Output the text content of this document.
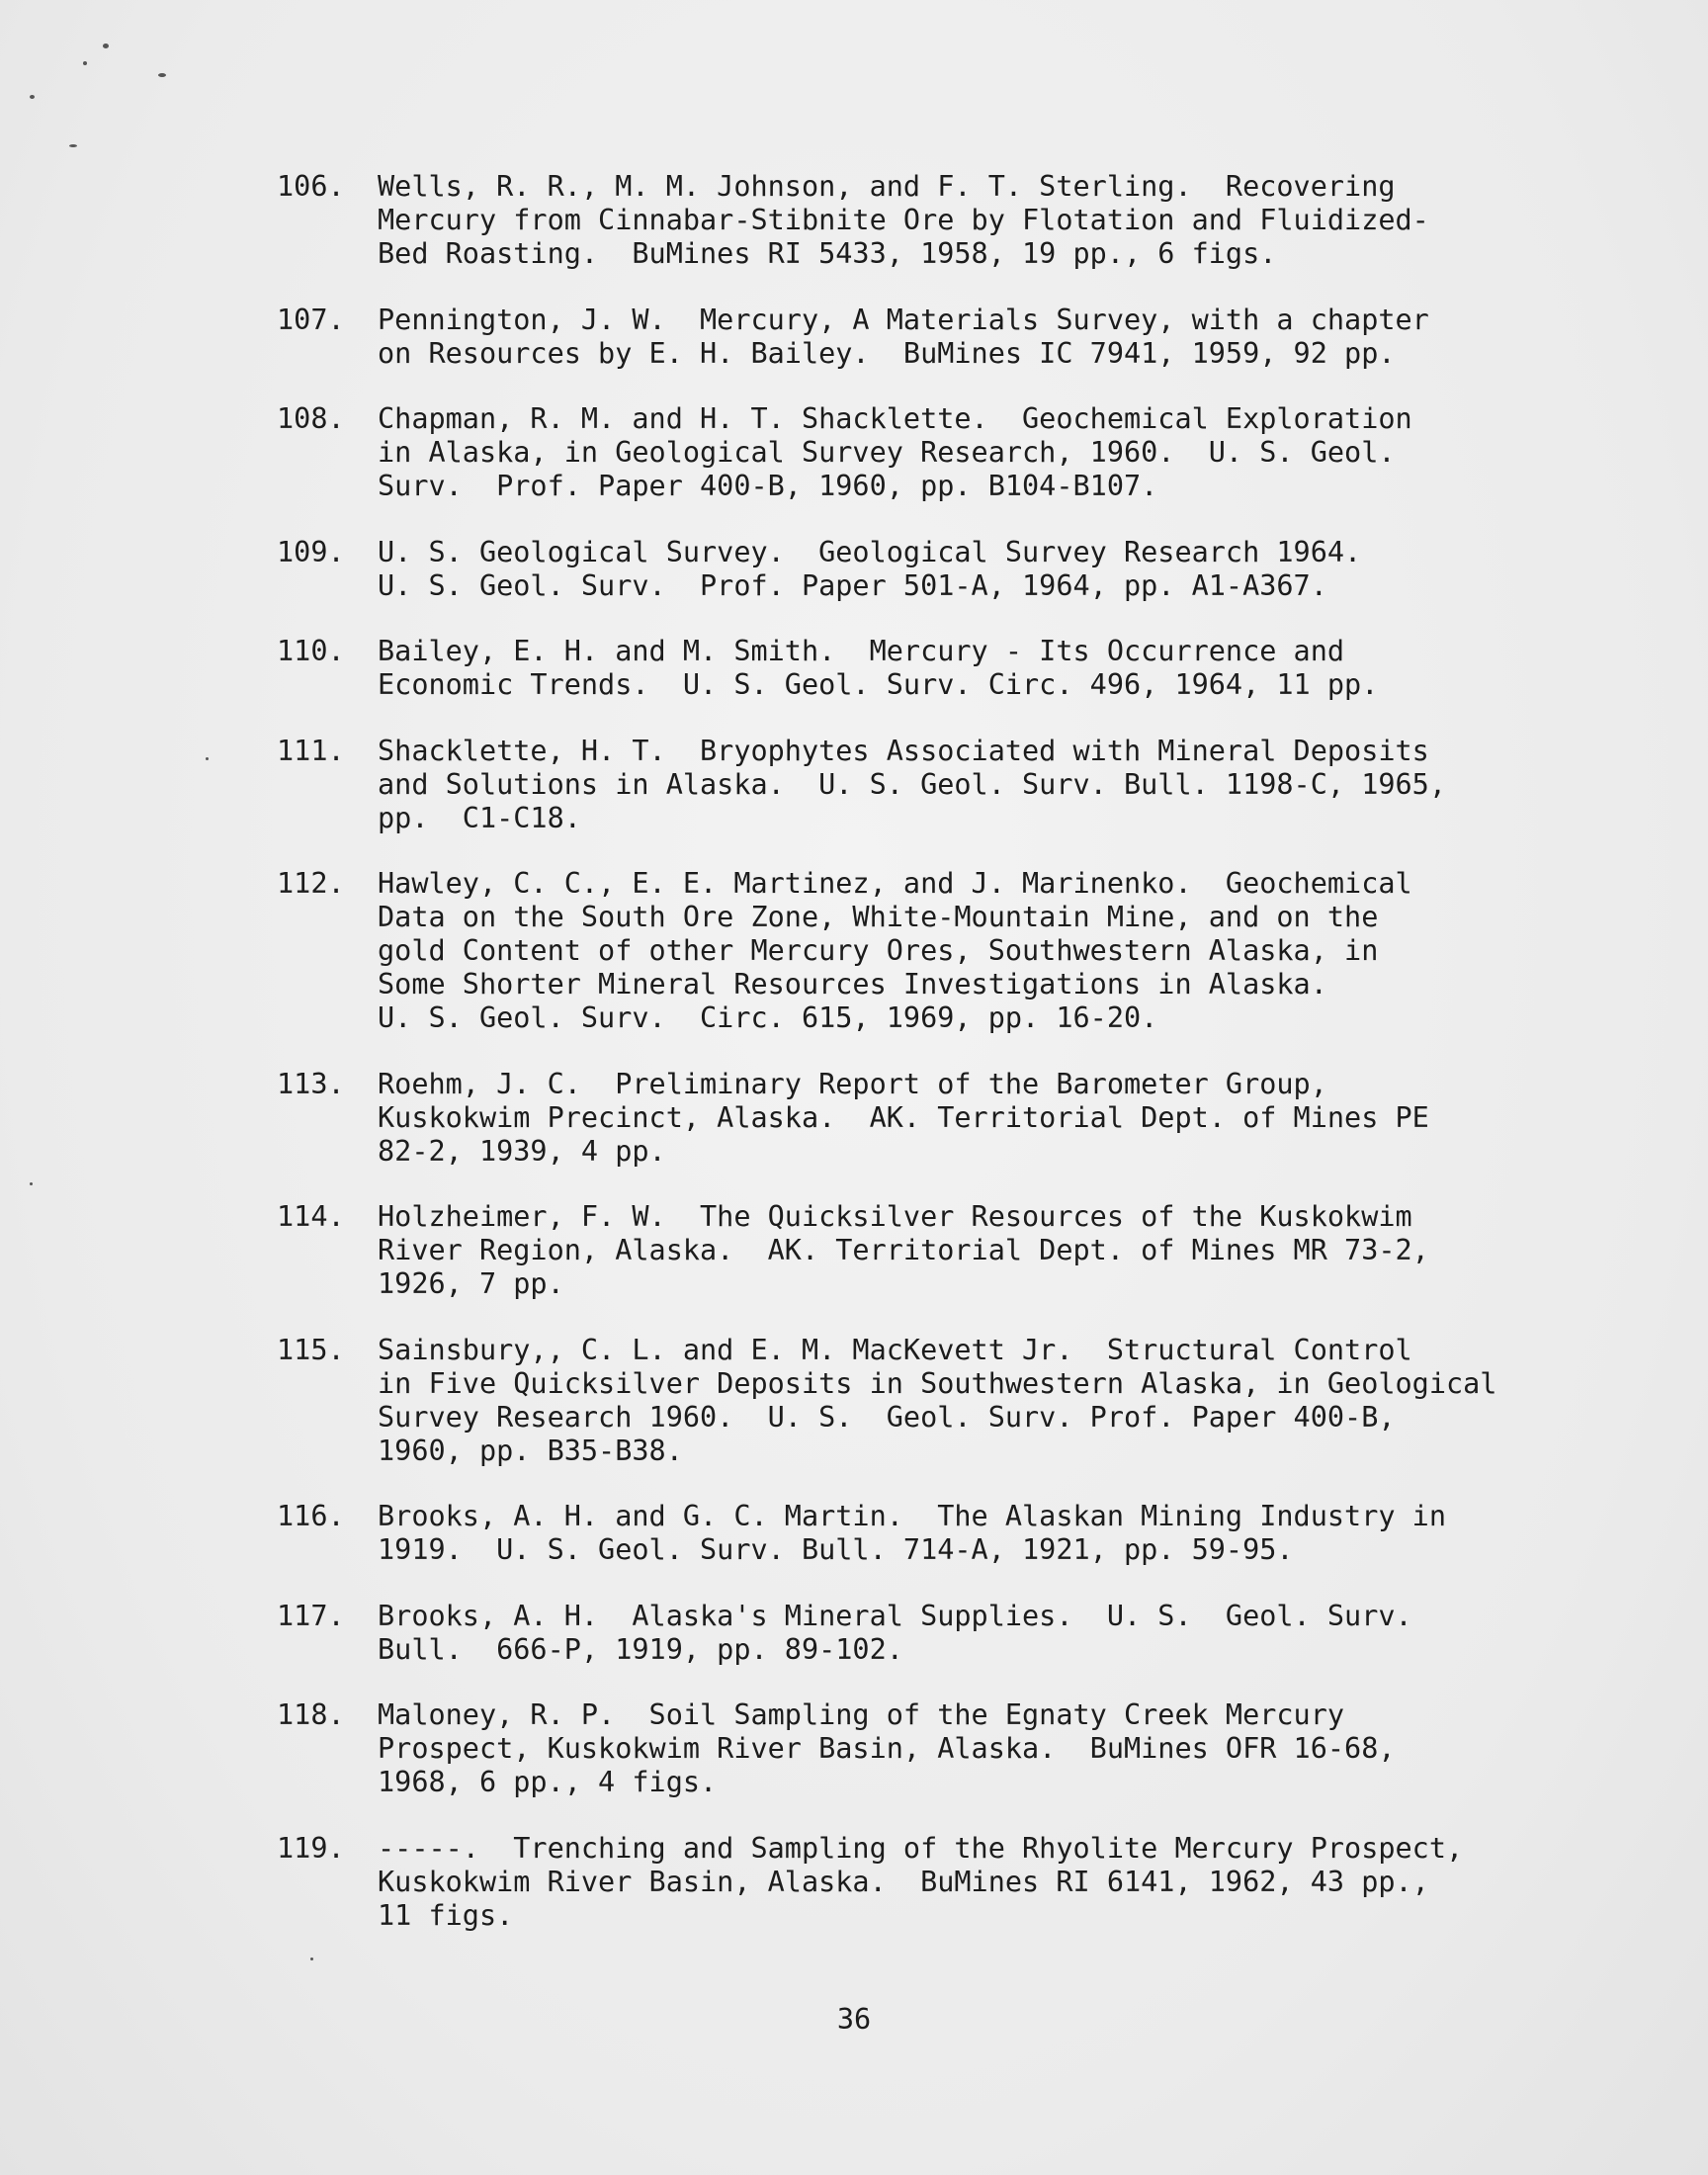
106. Wells, R. R., M. M. Johnson, and F. T. Sterling.  Recovering
Mercury from Cinnabar-Stibnite Ore by Flotation and Fluidized-
Bed Roasting.  BuMines RI 5433, 1958, 19 pp., 6 figs.
107. Pennington, J. W.  Mercury, A Materials Survey, with a chapter
on Resources by E. H. Bailey.  BuMines IC 7941, 1959, 92 pp.
108. Chapman, R. M. and H. T. Shacklette.  Geochemical Exploration
in Alaska, in Geological Survey Research, 1960.  U. S. Geol.
Surv.  Prof. Paper 400-B, 1960, pp. B104-B107.
109. U. S. Geological Survey.  Geological Survey Research 1964.
U. S. Geol. Surv.  Prof. Paper 501-A, 1964, pp. A1-A367.
110. Bailey, E. H. and M. Smith.  Mercury - Its Occurrence and
Economic Trends.  U. S. Geol. Surv. Circ. 496, 1964, 11 pp.
111. Shacklette, H. T.  Bryophytes Associated with Mineral Deposits
and Solutions in Alaska.  U. S. Geol. Surv. Bull. 1198-C, 1965,
pp.  C1-C18.
112. Hawley, C. C., E. E. Martinez, and J. Marinenko.  Geochemical
Data on the South Ore Zone, White-Mountain Mine, and on the
gold Content of other Mercury Ores, Southwestern Alaska, in
Some Shorter Mineral Resources Investigations in Alaska.
U. S. Geol. Surv.  Circ. 615, 1969, pp. 16-20.
113. Roehm, J. C.  Preliminary Report of the Barometer Group,
Kuskokwim Precinct, Alaska.  AK. Territorial Dept. of Mines PE
82-2, 1939, 4 pp.
114. Holzheimer, F. W.  The Quicksilver Resources of the Kuskokwim
River Region, Alaska.  AK. Territorial Dept. of Mines MR 73-2,
1926, 7 pp.
115. Sainsbury,, C. L. and E. M. MacKevett Jr.  Structural Control
in Five Quicksilver Deposits in Southwestern Alaska, in Geological
Survey Research 1960.  U. S.  Geol. Surv. Prof. Paper 400-B,
1960, pp. B35-B38.
116. Brooks, A. H. and G. C. Martin.  The Alaskan Mining Industry in
1919.  U. S. Geol. Surv. Bull. 714-A, 1921, pp. 59-95.
117. Brooks, A. H.  Alaska's Mineral Supplies.  U. S.  Geol. Surv.
Bull.  666-P, 1919, pp. 89-102.
118. Maloney, R. P.  Soil Sampling of the Egnaty Creek Mercury
Prospect, Kuskokwim River Basin, Alaska.  BuMines OFR 16-68,
1968, 6 pp., 4 figs.
119. -----.  Trenching and Sampling of the Rhyolite Mercury Prospect,
Kuskokwim River Basin, Alaska.  BuMines RI 6141, 1962, 43 pp.,
11 figs.
36
